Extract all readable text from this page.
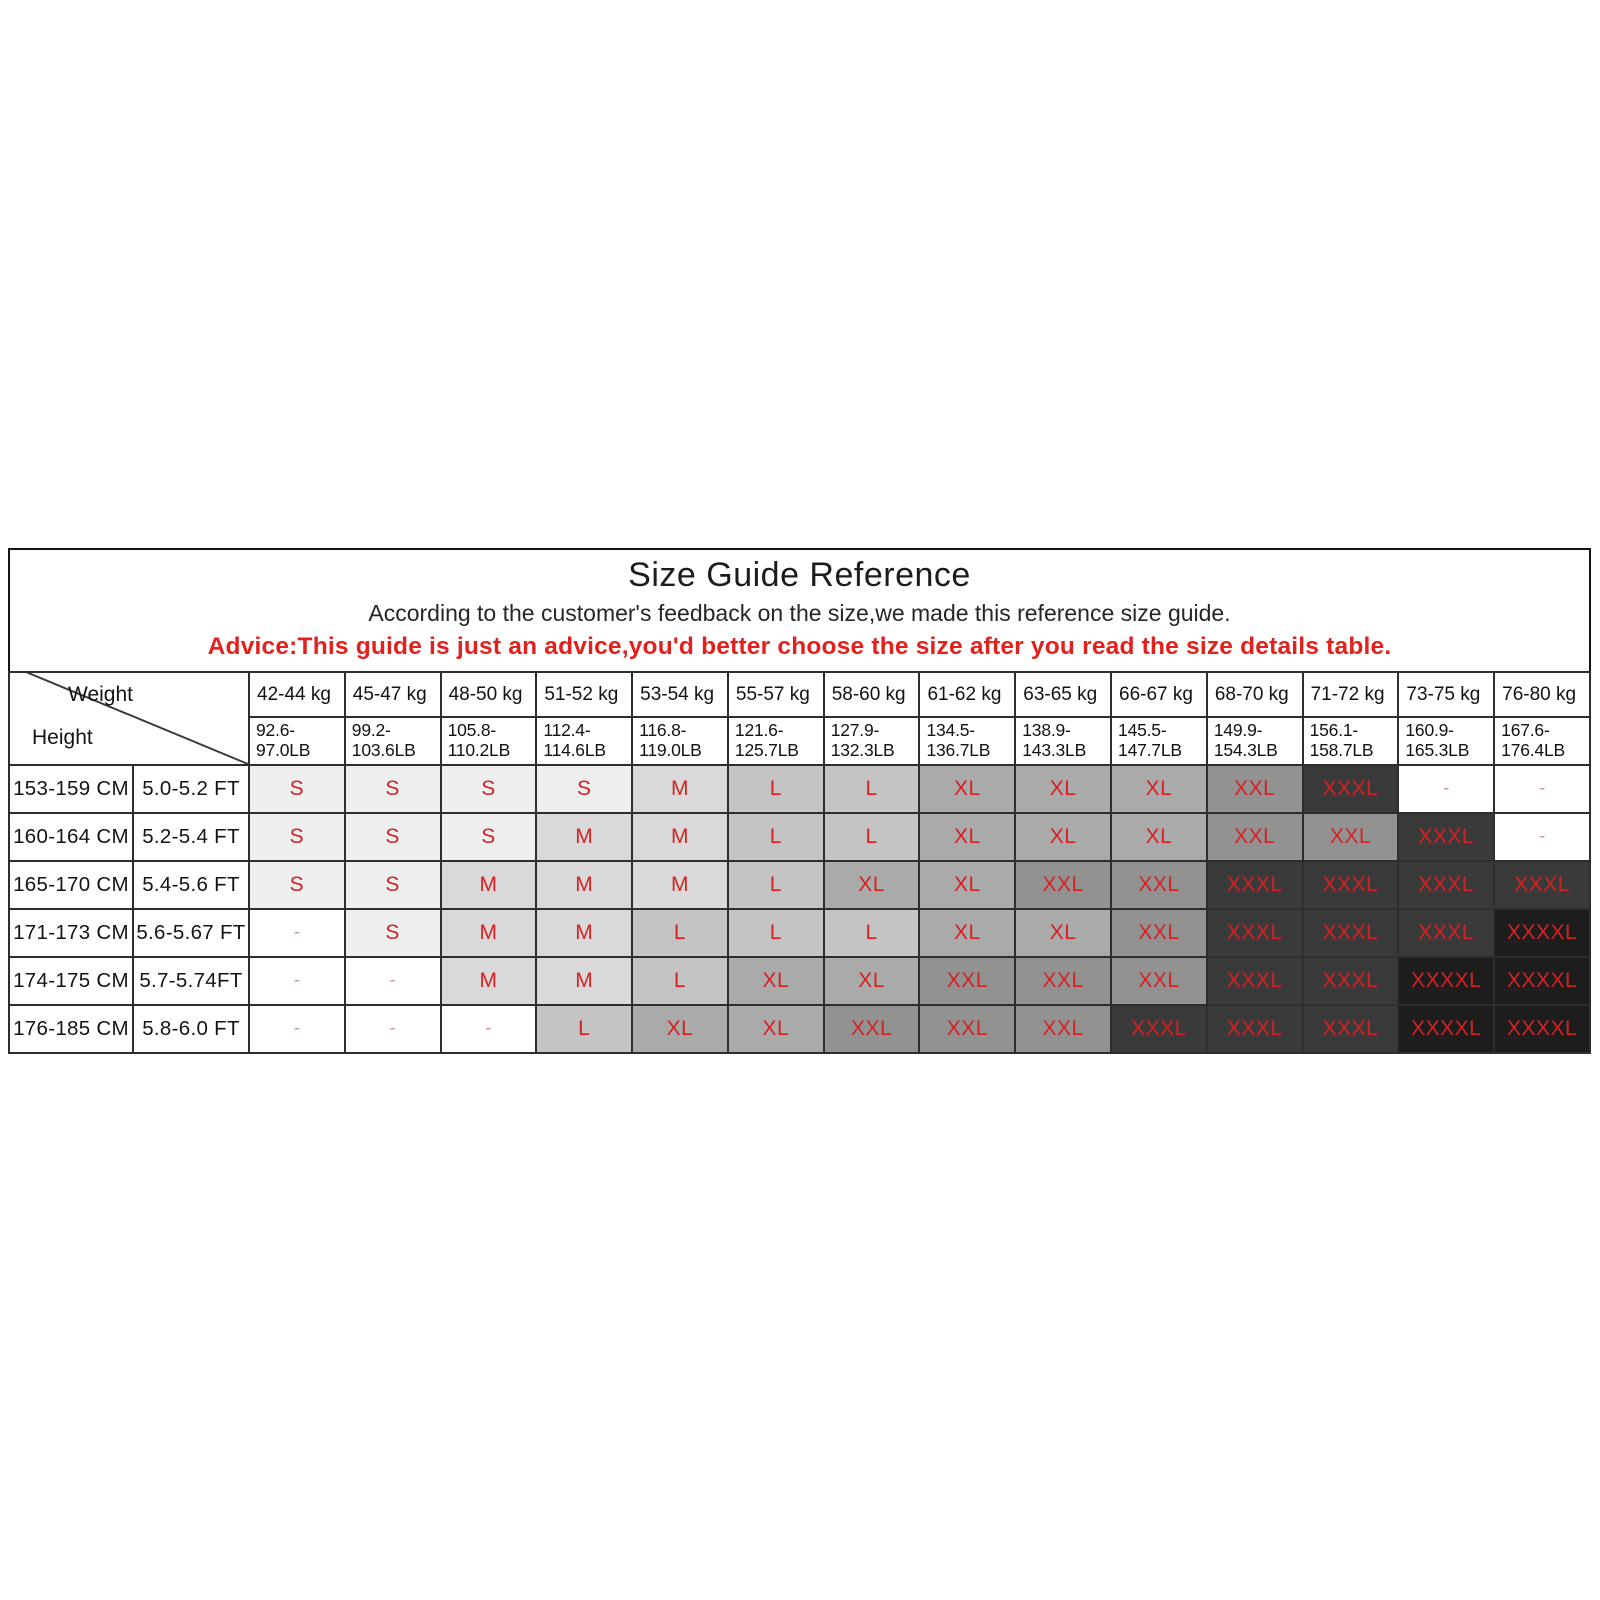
Size Guide Reference
According to the customer's feedback on the size,we made this reference size guide.
Advice:This guide is just an advice,you'd better choose the size after you read the size details table.
Weight
Height		42-44 kg	45-47 kg	48-50 kg	51-52 kg	53-54 kg	55-57 kg	58-60 kg	61-62 kg	63-65 kg	66-67 kg	68-70 kg	71-72 kg	73-75 kg	76-80 kg
		92.6-97.0LB	99.2-103.6LB	105.8-110.2LB	112.4-114.6LB	116.8-119.0LB	121.6-125.7LB	127.9-132.3LB	134.5-136.7LB	138.9-143.3LB	145.5-147.7LB	149.9-154.3LB	156.1-158.7LB	160.9-165.3LB	167.6-176.4LB
153-159 CM	5.0-5.2 FT	S	S	S	S	M	L	L	XL	XL	XL	XXL	XXXL	-	-
160-164 CM	5.2-5.4 FT	S	S	S	M	M	L	L	XL	XL	XL	XXL	XXL	XXXL	-
165-170 CM	5.4-5.6 FT	S	S	M	M	M	L	XL	XL	XXL	XXL	XXXL	XXXL	XXXL	XXXL
171-173 CM	5.6-5.67 FT	-	S	M	M	L	L	L	XL	XL	XXL	XXXL	XXXL	XXXL	XXXXL
174-175 CM	5.7-5.74FT	-	-	M	M	L	XL	XL	XXL	XXL	XXL	XXXL	XXXL	XXXXL	XXXXL
176-185 CM	5.8-6.0 FT	-	-	-	L	XL	XL	XXL	XXL	XXL	XXXL	XXXL	XXXL	XXXXL	XXXXL
